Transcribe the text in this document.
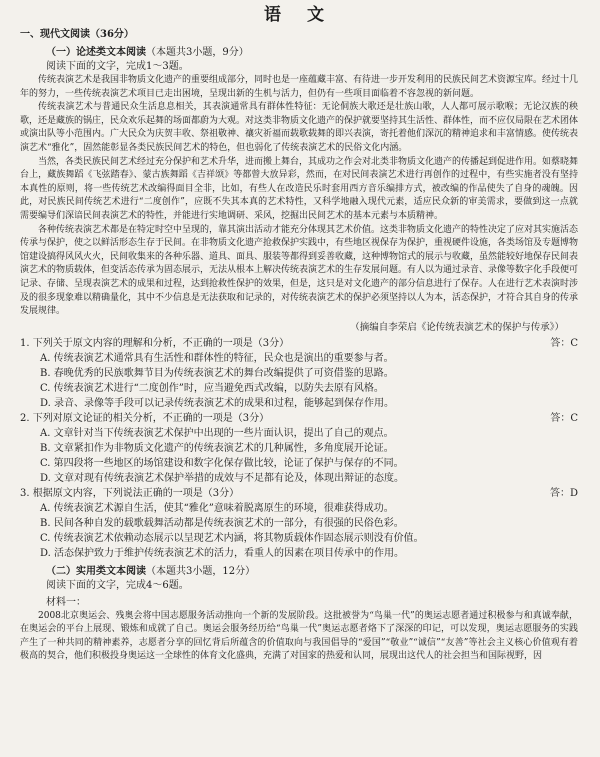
语 文
一、现代文阅读（36分）
（一）论述类文本阅读（本题共3小题，9分）
阅读下面的文字，完成1～3题。

传统表演艺术是我国非物质文化遗产的重要组成部分，同时也是一座蕴藏丰富、有待进一步开发利用的民族民间艺术资源宝库。经过十几年的努力，一些传统表演艺术项目已走出困境，呈现出新的生机与活力，但仍有一些项目面临着不容忽视的新问题。

传统表演艺术与普通民众生活息息相关，其表演通常具有群体性特征：无论侗族大歌还是壮族山歌，人人都可展示歌喉；无论汉族的秧歌，还是藏族的锅庄，民众欢乐起舞的场面都蔚为大观。对这类非物质文化遗产的保护就要坚持其生活性、群体性，而不应仅局限在艺术团体或演出队等小范围内。广大民众为庆贺丰收、祭祖敬神、禳灾祈福而载歌载舞的即兴表演，寄托着他们深沉的精神追求和丰富情感。使传统表演艺术“雅化”，固然能彰显各类民族民间艺术的特色，但也弱化了传统表演艺术的民俗文化内涵。

当然，各类民族民间艺术经过充分保护和艺术升华，进而搬上舞台，其成功之作会对北类非物质文化遗产的传播起到促进作用。如蔡晓舞台上，藏族舞蹈《飞弦踏春》、蒙古族舞蹈《吉祥颂》等都曾大放异彩，然而，在对民间表演艺术进行再创作的过程中，有些实施者没有坚持本真性的原则，将一些传统艺术改编得面目全非，比如，有些人在改造民乐时套用西方音乐编排方式，被改编的作品使失了自身的魂魄。因此，对民族民间传统艺术进行“二度创作”，应既不失其本真的艺术特性，又科学地融入现代元素，适应民众新的审美需求，要做到这一点就需要编导们深谙民间表演艺术的特性，并能进行实地调研、采风，挖掘出民间艺术的基本元素与本质精神。

各种传统表演艺术都是在特定时空中呈现的，靠其演出活动才能充分体现其艺术价值。这类非物质文化遗产的特性决定了应对其实施活态传承与保护，使之以鲜活形态生存于民间。在非物质文化遗产抢救保护实践中，有些地区视保存为保护，重视硬件设施，各类场馆及专题博物馆建设搞得风风火火，民间收集来的各种乐器、道具、面具、服装等都得到妥善收藏，这种博物馆式的展示与收藏，虽然能较好地保存民间表演艺术的物质载体，但变活态传承为固态展示，无法从根本上解决传统表演艺术的生存发展问题。有人以为通过录音、录像等数字化手段便可记录、存储、呈现表演艺术的成果和过程，达到抢救性保护的效果，但是，这只是对文化遗产的部分信息进行了保存。人在进行艺术表演时涉及的很多现象难以精确量化，其中不少信息是无法获取和记录的，对传统表演艺术的保护必须坚持以人为本，活态保护，才符合其自身的传承发展规律。

（摘编自李荣启《论传统表演艺术的保护与传承》）
1. 下列关于原文内容的理解和分析，不正确的一项是（3分）	答：C
A. 传统表演艺术通常具有生活性和群体性的特征，民众也是演出的重要参与者。
B. 春晚优秀的民族歌舞节目为传统表演艺术的舞台改编提供了可资借鉴的思路。
C. 传统表演艺术进行“二度创作”时，应当避免西式改编，以防失去原有风格。
D. 录音、录像等手段可以记录传统表演艺术的成果和过程，能够起到保存作用。
2. 下列对原文论证的相关分析，不正确的一项是（3分）	答：C
A. 文章针对当下传统表演艺术保护中出现的一些片面认识，提出了自己的观点。
B. 文章紧扣作为非物质文化遗产的传统表演艺术的几种属性，多角度展开论证。
C. 第四段将一些地区的场馆建设和数字化保存做比较，论证了保护与保存的不同。
D. 文章对现有传统表演艺术保护举措的成效与不足都有论及，体现出辩证的态度。
3. 根据原文内容，下列说法正确的一项是（3分）	答：D
A. 传统表演艺术源自生活，使其“雅化”意味着脱离原生的环境，很难获得成功。
B. 民间各种自发的载歌载舞活动都是传统表演艺术的一部分，有很强的民俗色彩。
C. 传统表演艺术依赖动态展示以呈现艺术内涵，将其物质载体作固态展示则没有价值。
D. 活态保护致力于维护传统表演艺术的活力，看重人的因素在项目传承中的作用。
（二）实用类文本阅读（本题共3小题，12分）
阅读下面的文字，完成4～6题。
材料一：

2008北京奥运会、残奥会将中国志愿服务活动推向一个新的发展阶段。这批被誉为“鸟巢一代”的奥运志愿者通过积极参与和真诚奉献，在奥运会的平台上展现、锻炼和成就了自己。奥运会服务经历给“鸟巢一代”奥运志愿者烙下了深深的印记，可以发现，奥运志愿服务的实践产生了一种共同的精神素养，志愿者分享的回忆背后所蕴含的价值取向与我国倡导的“爱国”“敬业”“诚信”“友善”等社会主义核心价值观有着极高的契合，他们积极投身奥运这一全球性的体育文化盛典，充满了对国家的热爱和认同，展现出这代人的社会担当和国际视野，因
